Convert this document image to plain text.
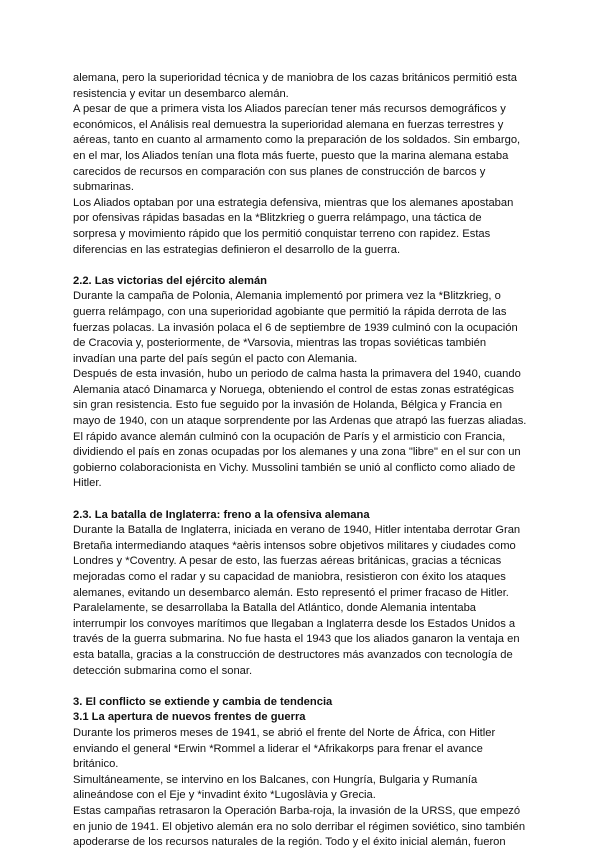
alemana, pero la superioridad técnica y de maniobra de los cazas británicos permitió esta resistencia y evitar un desembarco alemán.

A pesar de que a primera vista los Aliados parecían tener más recursos demográficos y económicos, el Análisis real demuestra la superioridad alemana en fuerzas terrestres y aéreas, tanto en cuanto al armamento como la preparación de los soldados. Sin embargo, en el mar, los Aliados tenían una flota más fuerte, puesto que la marina alemana estaba carecidos de recursos en comparación con sus planes de construcción de barcos y submarinas.

Los Aliados optaban por una estrategia defensiva, mientras que los alemanes apostaban por ofensivas rápidas basadas en la *Blitzkrieg o guerra relámpago, una táctica de sorpresa y movimiento rápido que los permitió conquistar terreno con rapidez. Estas diferencias en las estrategias definieron el desarrollo de la guerra.

2.2. Las victorias del ejército alemán

Durante la campaña de Polonia, Alemania implementó por primera vez la *Blitzkrieg, o guerra relámpago, con una superioridad agobiante que permitió la rápida derrota de las fuerzas polacas. La invasión polaca el 6 de septiembre de 1939 culminó con la ocupación de Cracovia y, posteriormente, de *Varsovia, mientras las tropas soviéticas también invadían una parte del país según el pacto con Alemania.

Después de esta invasión, hubo un periodo de calma hasta la primavera del 1940, cuando Alemania atacó Dinamarca y Noruega, obteniendo el control de estas zonas estratégicas sin gran resistencia. Esto fue seguido por la invasión de Holanda, Bélgica y Francia en mayo de 1940, con un ataque sorprendente por las Ardenas que atrapó las fuerzas aliadas. El rápido avance alemán culminó con la ocupación de París y el armisticio con Francia, dividiendo el país en zonas ocupadas por los alemanes y una zona "libre" en el sur con un gobierno colaboracionista en Vichy. Mussolini también se unió al conflicto como aliado de Hitler.

2.3. La batalla de Inglaterra: freno a la ofensiva alemana

Durante la Batalla de Inglaterra, iniciada en verano de 1940, Hitler intentaba derrotar Gran Bretaña intermediando ataques *aèris intensos sobre objetivos militares y ciudades como Londres y *Coventry. A pesar de esto, las fuerzas aéreas británicas, gracias a técnicas mejoradas como el radar y su capacidad de maniobra, resistieron con éxito los ataques alemanes, evitando un desembarco alemán. Esto representó el primer fracaso de Hitler.

Paralelamente, se desarrollaba la Batalla del Atlántico, donde Alemania intentaba interrumpir los convoyes marítimos que llegaban a Inglaterra desde los Estados Unidos a través de la guerra submarina. No fue hasta el 1943 que los aliados ganaron la ventaja en esta batalla, gracias a la construcción de destructores más avanzados con tecnología de detección submarina como el sonar.

3. El conflicto se extiende y cambia de tendencia
3.1 La apertura de nuevos frentes de guerra

Durante los primeros meses de 1941, se abrió el frente del Norte de África, con Hitler enviando el general *Erwin *Rommel a liderar el *Afrikakorps para frenar el avance británico.

Simultáneamente, se intervino en los Balcanes, con Hungría, Bulgaria y Rumanía alineándose con el Eje y *invadint éxito *Lugoslàvia y Grecia.

Estas campañas retrasaron la Operación Barba-roja, la invasión de la URSS, que empezó en junio de 1941. El objetivo alemán era no solo derribar el régimen soviético, sino también apoderarse de los recursos naturales de la región. Todo y el éxito inicial alemán, fueron
